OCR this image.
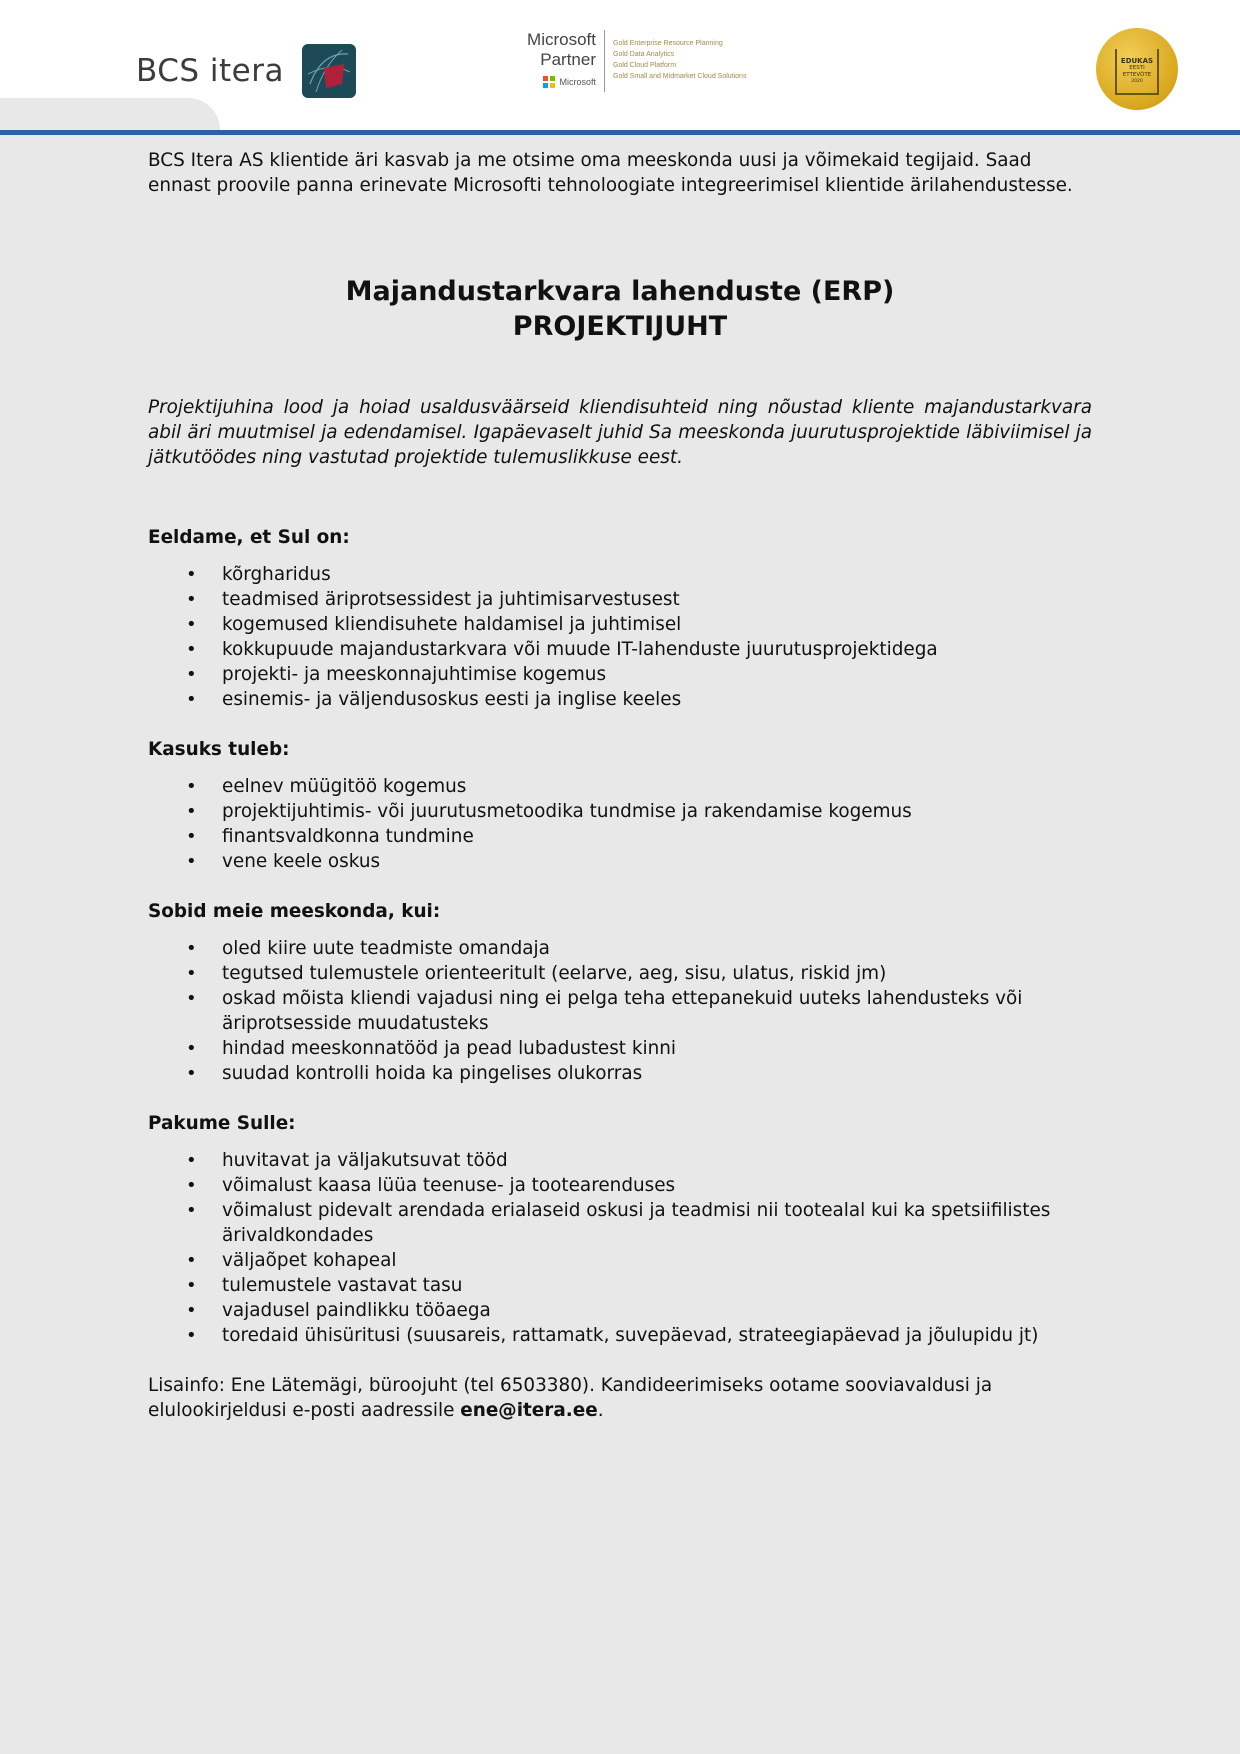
BCS itera
Microsoft
Partner
Microsoft
Gold Enterprise Resource Planning
Gold Data Analytics
Gold Cloud Platform
Gold Small and Midmarket Cloud Solutions
EDUKAS
EESTI
ETTEVÕTE
2020

BCS Itera AS klientide äri kasvab ja me otsime oma meeskonda uusi ja võimekaid tegijaid. Saad ennast proovile panna erinevate Microsofti tehnoloogiate integreerimisel klientide ärilahendustesse.

Majandustarkvara lahenduste (ERP)
PROJEKTIJUHT

Projektijuhina lood ja hoiad usaldusväärseid kliendisuhteid ning nõustad kliente majandustarkvara abil äri muutmisel ja edendamisel. Igapäevaselt juhid Sa meeskonda juurutusprojektide läbiviimisel ja jätkutöödes ning vastutad projektide tulemuslikkuse eest.

Eeldame, et Sul on:

• kõrgharidus
• teadmised äriprotsessidest ja juhtimisarvestusest
• kogemused kliendisuhete haldamisel ja juhtimisel
• kokkupuude majandustarkvara või muude IT-lahenduste juurutusprojektidega
• projekti- ja meeskonnajuhtimise kogemus
• esinemis- ja väljendusoskus eesti ja inglise keeles

Kasuks tuleb:

• eelnev müügitöö kogemus
• projektijuhtimis- või juurutusmetoodika tundmise ja rakendamise kogemus
• finantsvaldkonna tundmine
• vene keele oskus

Sobid meie meeskonda, kui:

• oled kiire uute teadmiste omandaja
• tegutsed tulemustele orienteeritult (eelarve, aeg, sisu, ulatus, riskid jm)
• oskad mõista kliendi vajadusi ning ei pelga teha ettepanekuid uuteks lahendusteks või äriprotsesside muudatusteks
• hindad meeskonnatööd ja pead lubadustest kinni
• suudad kontrolli hoida ka pingelises olukorras

Pakume Sulle:

• huvitavat ja väljakutsuvat tööd
• võimalust kaasa lüüa teenuse- ja tootearenduses
• võimalust pidevalt arendada erialaseid oskusi ja teadmisi nii tootealal kui ka spetsiifilistes ärivaldkondades
• väljaõpet kohapeal
• tulemustele vastavat tasu
• vajadusel paindlikku tööaega
• toredaid ühisüritusi (suusareis, rattamatk, suvepäevad, strateegiapäevad ja jõulupidu jt)

Lisainfo: Ene Lätemägi, büroojuht (tel 6503380). Kandideerimiseks ootame sooviavaldusi ja elulookirjeldusi e-posti aadressile ene@itera.ee.
